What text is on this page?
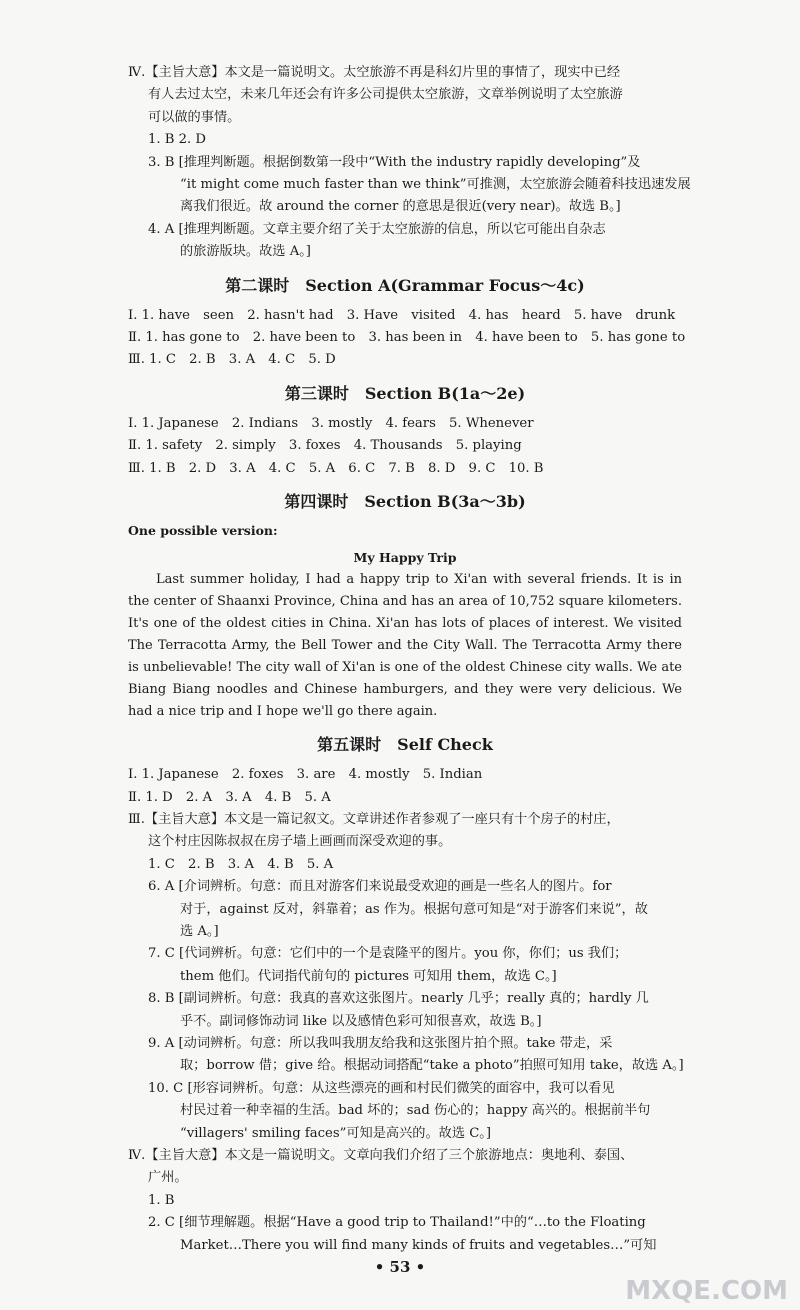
Ⅳ.【主旨大意】本文是一篇说明文。太空旅游不再是科幻片里的事情了，现实中已经
有人去过太空，未来几年还会有许多公司提供太空旅游，文章举例说明了太空旅游
可以做的事情。
1. B 2. D
3. B [推理判断题。根据倒数第一段中“With the industry rapidly developing”及
“it might come much faster than we think”可推测，太空旅游会随着科技迅速发展
离我们很近。故 around the corner 的意思是很近(very near)。故选 B。]
4. A [推理判断题。文章主要介绍了关于太空旅游的信息，所以它可能出自杂志
的旅游版块。故选 A。]
第二课时　Section A(Grammar Focus～4c)
Ⅰ. 1. have　seen　2. hasn't had　3. Have　visited　4. has　heard　5. have　drunk
Ⅱ. 1. has gone to　2. have been to　3. has been in　4. have been to　5. has gone to
Ⅲ. 1. C　2. B　3. A　4. C　5. D
第三课时　Section B(1a～2e)
Ⅰ. 1. Japanese　2. Indians　3. mostly　4. fears　5. Whenever
Ⅱ. 1. safety　2. simply　3. foxes　4. Thousands　5. playing
Ⅲ. 1. B　2. D　3. A　4. C　5. A　6. C　7. B　8. D　9. C　10. B
第四课时　Section B(3a～3b)
One possible version:
My Happy Trip
Last summer holiday, I had a happy trip to Xi'an with several friends. It is in the center of Shaanxi Province, China and has an area of 10,752 square kilometers. It's one of the oldest cities in China. Xi'an has lots of places of interest. We visited The Terracotta Army, the Bell Tower and the City Wall. The Terracotta Army there is unbelievable! The city wall of Xi'an is one of the oldest Chinese city walls. We ate Biang Biang noodles and Chinese hamburgers, and they were very delicious. We had a nice trip and I hope we'll go there again.
第五课时　Self Check
Ⅰ. 1. Japanese　2. foxes　3. are　4. mostly　5. Indian
Ⅱ. 1. D　2. A　3. A　4. B　5. A
Ⅲ.【主旨大意】本文是一篇记叙文。文章讲述作者参观了一座只有十个房子的村庄，
这个村庄因陈叔叔在房子墙上画画而深受欢迎的事。
1. C　2. B　3. A　4. B　5. A
6. A [介词辨析。句意：而且对游客们来说最受欢迎的画是一些名人的图片。for
对于，against 反对，斜靠着；as 作为。根据句意可知是“对于游客们来说”，故
选 A。]
7. C [代词辨析。句意：它们中的一个是袁隆平的图片。you 你，你们；us 我们；
them 他们。代词指代前句的 pictures 可知用 them，故选 C。]
8. B [副词辨析。句意：我真的喜欢这张图片。nearly 几乎；really 真的；hardly 几
乎不。副词修饰动词 like 以及感情色彩可知很喜欢，故选 B。]
9. A [动词辨析。句意：所以我叫我朋友给我和这张图片拍个照。take 带走，采
取；borrow 借；give 给。根据动词搭配“take a photo”拍照可知用 take，故选 A。]
10. C [形容词辨析。句意：从这些漂亮的画和村民们微笑的面容中，我可以看见
村民过着一种幸福的生活。bad 坏的；sad 伤心的；happy 高兴的。根据前半句
“villagers' smiling faces”可知是高兴的。故选 C。]
Ⅳ.【主旨大意】本文是一篇说明文。文章向我们介绍了三个旅游地点：奥地利、泰国、
广州。
1. B
2. C [细节理解题。根据“Have a good trip to Thailand!”中的“…to the Floating
Market…There you will find many kinds of fruits and vegetables…”可知
• 53 •
MXQE.COM
